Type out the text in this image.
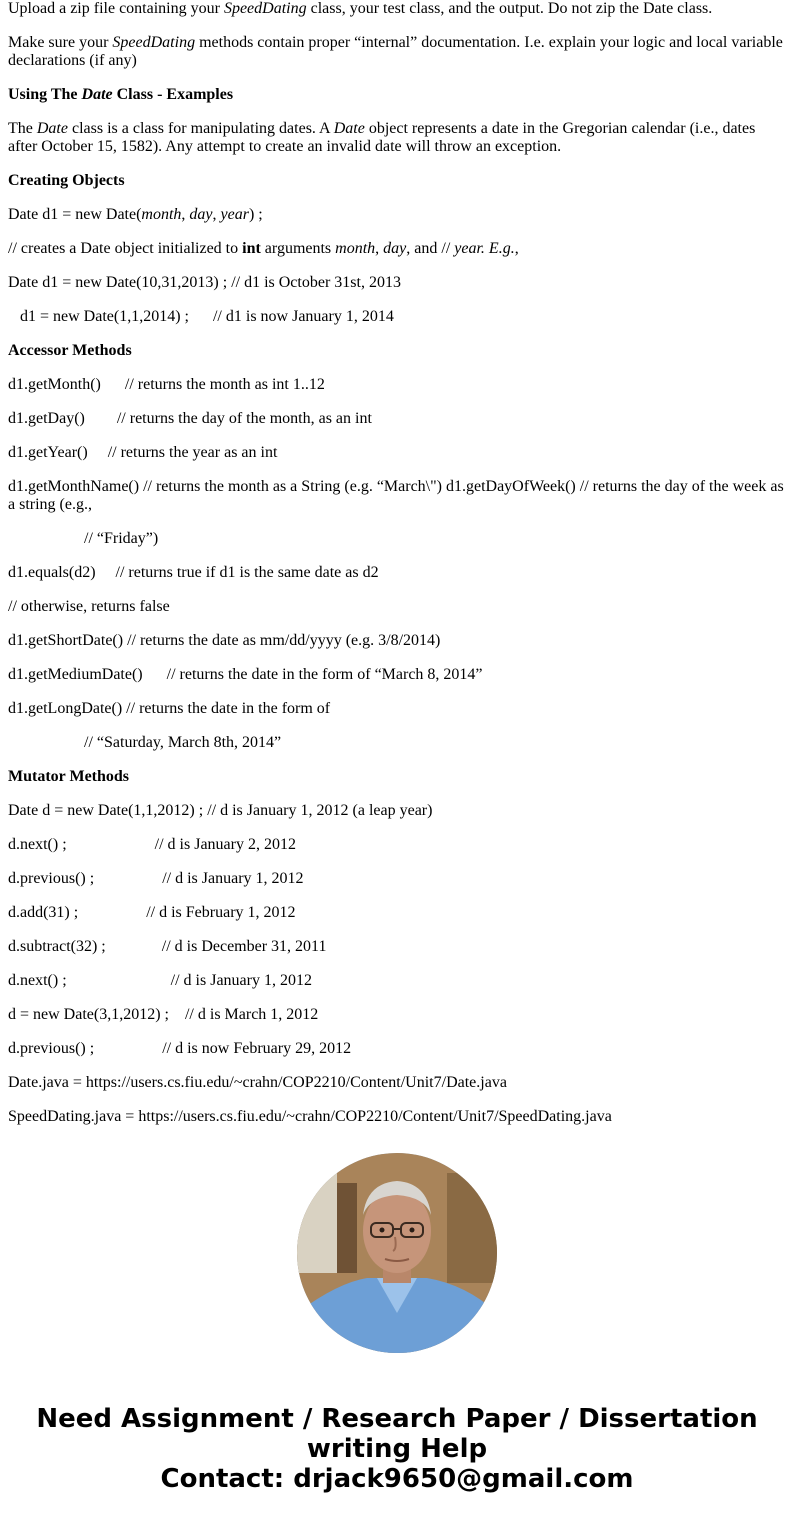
Upload a zip file containing your SpeedDating class, your test class, and the output. Do not zip the Date class.

Make sure your SpeedDating methods contain proper “internal” documentation. I.e. explain your logic and local variable declarations (if any)

Using The Date Class - Examples

The Date class is a class for manipulating dates. A Date object represents a date in the Gregorian calendar (i.e., dates after October 15, 1582). Any attempt to create an invalid date will throw an exception.

Creating Objects

Date d1 = new Date(month, day, year) ;

// creates a Date object initialized to int arguments month, day, and // year. E.g.,

Date d1 = new Date(10,31,2013) ; // d1 is October 31st, 2013

d1 = new Date(1,1,2014) ;      // d1 is now January 1, 2014

Accessor Methods

d1.getMonth()      // returns the month as int 1..12

d1.getDay()        // returns the day of the month, as an int

d1.getYear()     // returns the year as an int

d1.getMonthName() // returns the month as a String (e.g. “March\") d1.getDayOfWeek() // returns the day of the week as a string (e.g.,

// “Friday”)

d1.equals(d2)     // returns true if d1 is the same date as d2

// otherwise, returns false

d1.getShortDate() // returns the date as mm/dd/yyyy (e.g. 3/8/2014)

d1.getMediumDate()      // returns the date in the form of “March 8, 2014”

d1.getLongDate() // returns the date in the form of

// “Saturday, March 8th, 2014”

Mutator Methods

Date d = new Date(1,1,2012) ; // d is January 1, 2012 (a leap year)

d.next() ;                      // d is January 2, 2012

d.previous() ;                 // d is January 1, 2012

d.add(31) ;                 // d is February 1, 2012

d.subtract(32) ;              // d is December 31, 2011

d.next() ;                          // d is January 1, 2012

d = new Date(3,1,2012) ;    // d is March 1, 2012

d.previous() ;                 // d is now February 29, 2012

Date.java = https://users.cs.fiu.edu/~crahn/COP2210/Content/Unit7/Date.java

SpeedDating.java = https://users.cs.fiu.edu/~crahn/COP2210/Content/Unit7/SpeedDating.java

Need Assignment / Research Paper / Dissertation
writing Help
Contact: drjack9650@gmail.com
